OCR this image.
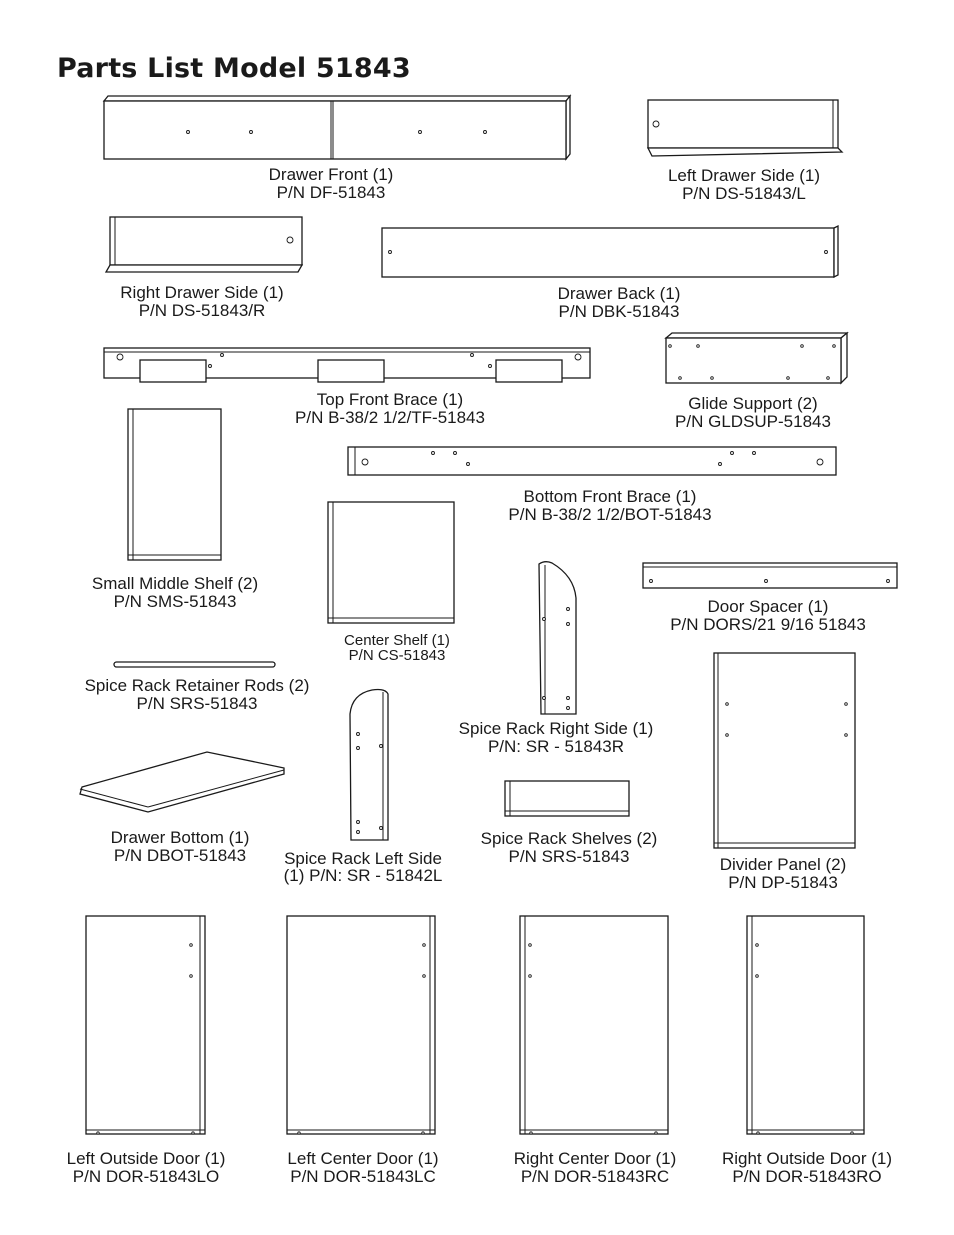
Parts List Model 51843
Drawer Front (1)
P/N DF-51843
Left Drawer Side (1)
P/N DS-51843/L
Right Drawer Side (1)
P/N DS-51843/R
Drawer Back (1)
P/N DBK-51843
Top Front Brace (1)
P/N B-38/2 1/2/TF-51843
Glide Support (2)
P/N GLDSUP-51843
Bottom Front Brace (1)
P/N B-38/2 1/2/BOT-51843
Small Middle Shelf (2)
P/N SMS-51843
Center Shelf (1)
P/N CS-51843
Door Spacer (1)
P/N DORS/21 9/16 51843
Spice Rack Retainer Rods (2)
P/N SRS-51843
Spice Rack Right Side (1)
P/N: SR - 51843R
Drawer Bottom (1)
P/N DBOT-51843	Spice Rack Left Side
(1) P/N: SR - 51842L
Spice Rack Shelves (2)
P/N SRS-51843	Divider Panel (2)
P/N DP-51843
Left Outside Door (1)
P/N DOR-51843LO
Left Center Door (1)
P/N DOR-51843LC
Right Center Door (1)
P/N DOR-51843RC
Right Outside Door (1)
P/N DOR-51843RO
